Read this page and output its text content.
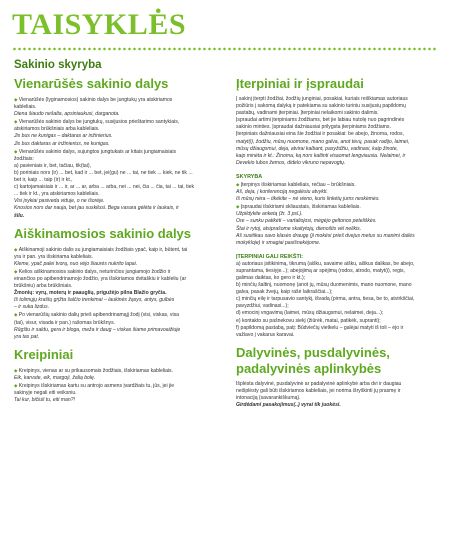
TAISYKLĖS
Sakinio skyryba
Vienarūšės sakinio dalys

◆ Vienarūšės (lyginamosios) sakinio dalys be jungtukų yra atskiriamos

kableliais.

Diena šiaudo nešalta, apsiniaukusi, darganota.

◆ Vienarūšės sakinio dalys be jungtukų, susijusios prieštarimo santykiais,

atskiriamos brūkšniais arba kableliais.

Jis bus ne kunigas – daktaras ar inžinierius.

Jis bus daktaras ar inžinierius, ne kunigas.

◆ Vienarūšės sakinio dalys, sujungtos jungtukais ar kitais jungiamaisiais

žodžiais:

a) pavieniais ir, bet, tačiau, tik(tai),

b) poriniais nors (ir) ... bet, kad ir ... bet, jei(gu) ne ... tai, ne tiek ... kiek, ne tik ...

bet ir, kaip ... taip (ir) ir kt.,

c) kartojamaisiais ir ... ir, ar ... ar, arba ... arba, nei ... nei, čia ... čia, tai ... tai, tiek

... tiek ir kt., yra atskiriamos kableliais.

Visi įsykiai pasiveda viduje, o ne išorėje.

Knosios nors dar nauja, bet jau suskilusi. Bega vasara gėlėta ir laukais, ir

šilu.

Aiškinamosios sakinio dalys

◆ Aiškinamoji sakinio dalis su jungiamaisiais žodžiais ypač, kaip ir, būtent, tai

yra ir pan. yra išskiriama kableliais.

Kleme, ypač palei tvorą, nuo vėjo šiaurės nukrito lapai.

◆ Kelios aiškinamosios sakinio dalys, neturinčios jungiamojo žodžio ir

einančios po apibendrinamojo žodžio, yra išskiriamos dvitaškiu ir kableliu (ar

brūkšniu) arba brūkšniais.

Žmonių: vyrų, moterų ir paauglių, prigužėjo pilna Blažio gryčia.

Iš tolimųjų kraštų grįžta šalčio trenkimai – laukinės žąsys, antys, gulbės

– ir suka lizdus.

◆ Po vienarūšių sakinio dalių prieš apibendrinamąjį žodį (visi, viskas, visa

(tai), visur, visada ir pan.) rašomas brūkšnys.

Rūgštu ir saldu, gera ir bloga, meža ir daug – viskas šiame primavoaižiuje

yra tas pat.

Kreipiniai

◆ Kreipinys, vienas ar su prikausomais žodžiais, išskiriamas kableliais.

Eik, karvute, eik, margoji, žalią bolę.

◆ Kreipinys išskiriamas kartu su antrojo asmens įvardžiais tu, jūs, jei jie

sakinyje negali eiti veiksniu.

Tai kur, bičiuli tu, eiti man?!

Įterpiniai ir įspraudai

Į sakinį įterpti žodžiai, žodžių junginiai, posakiai, kuriais reiškiamas autoriaus

požiūris į sakomą dalyką ir patekiama su sakinio turiniu susijusių papildomų

pastabų, vadinami įterpiniai. Įterpiniai nelaikomi sakinio dalimis.

Įspraudai artimi įterpiniams žodžiams, bet jie labiau nutolę nuo pagrindinės

sakinio minties. Įspraudai dažniausiai prilygsta įterpiniams žodžiams.

Įterpiniais dažniausiai eina šie žodžiai ir posakiai: be abejo, žinoma, rodos,

matyt(i), žodžiu, mūsų nuomone, mano galva, anot tėvų, pasak radijo, laimei,

mūsų džiaugsmui, deja, atvirai kalbant, pasyždžiu, vadinasi, kaip žinote,

kaip minėta ir kt.: Žinoma, ką nors kaltinti visaomet lengviausia. Nelaimei, ir

Devekio lubos žemos, didelo vikruno nepavogtų.

SKYRYBA

◆ Įterpinys išskiriamas kableliais, rečiau – brūkšniais.

Aš, deja, į konferenciją negalėsiu atvykti.

Iš mūsų nėra – tikėkite – nė vieno, kuris linkėtų jums neskėmės.

◆ Įspraudai išskiriami skliaustais, išskiriamas kableliais.

Užpildykite anketą (žr. 3 psl.).

Ore – sunku patikėti – vartaliojosi, mėgėjo geltonos peteliškės.

Štai ir rytoj, atsiprašome skaitytojų, dienoštis vėl nelikis.

Aš susitikau savo klasės draugę (ji mokési prieš dvejus metus su manimi dailės

mokykloje) ir smagiai pasišnekėjome.

ĮTERPINIAI GALI REIKŠTI:

a) autoriaus įsitikinimą, tikrumą (aišku, savaime aišku, aiškus dalikas, be abejo,

suprantama, tiesiyje...); abejojimą ar spėjimą (rodos, atrodo, matyt(i), regis,

galimas daiktas, ko gero ir kt.);

b) minčių šaltinį, nuomonę (anot jų, mūsų duomenimis, mano nuomone, mano

galva, pasak žvejų, kaip rašė laikraščiai...);

c) minčių eilę ir tarpusavio santykį, išvadą (pirma, antra, tiesa, be to, atvirkščiai,

pavyzdžiui, vadinasi...);

d) emocinį vngavimą (laimei, mūsų džiaugsmui, nelaimei, deja...);

e) kontakto su pašnekovu siekį (žiūrėk, matai, patikėk, supranti);

f) papildomą pastabą, patį: Būdviečių vietkelu – galėjai matyti iš toli – ėjo ir

važiavo į vakarus karavai.

Dalyvinės, pusdalyvinės, padalyvinės aplinkybės

Išplėsta dalyvinė, pusdalyvinė ar padalyvinė aplinkybė arba dvi ir daugiau

neišplėsty gali būti išskiriamos kableliais, jei norima išryškinti jų prasmę ir

intonaciją (savarankiškumą).

Girdėdami pasakojimus(..) vyrai tik juokėsi.
